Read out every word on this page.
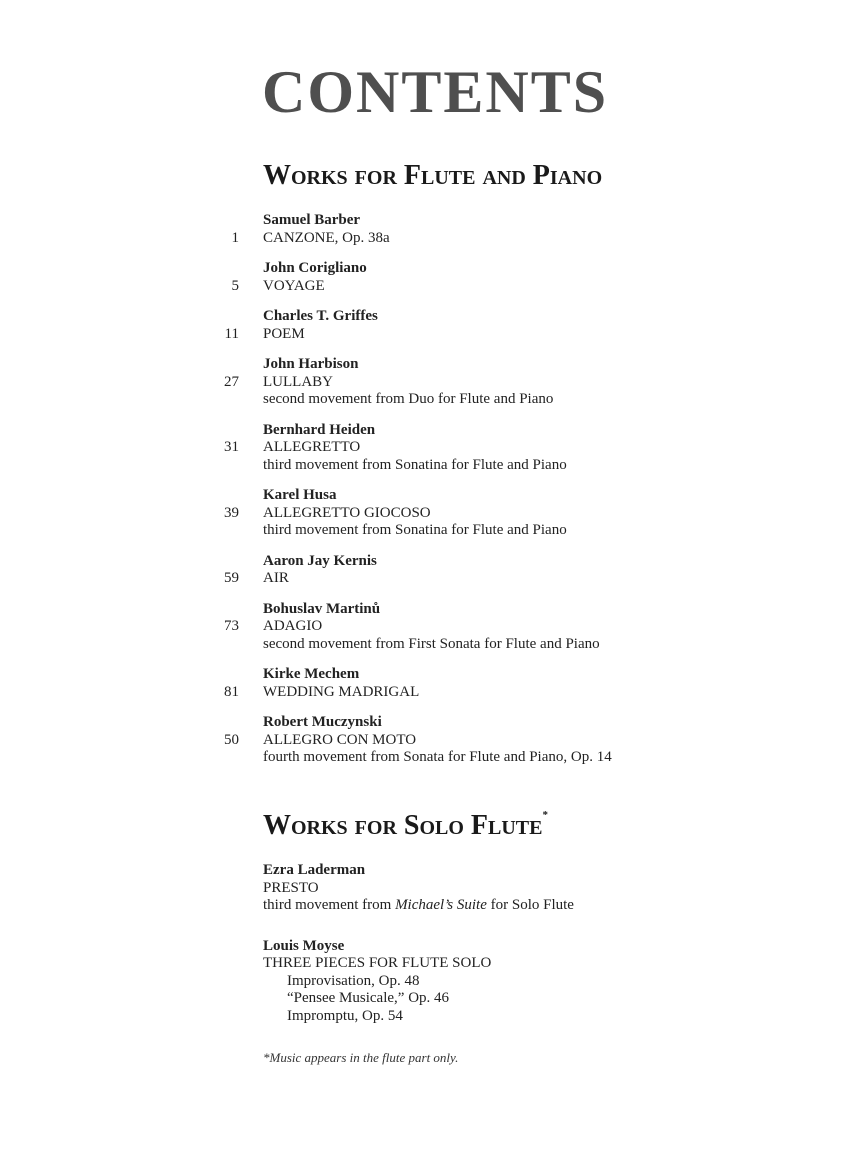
CONTENTS
Works for Flute and Piano
Samuel Barber
1 CANZONE, Op. 38a
John Corigliano
5 VOYAGE
Charles T. Griffes
11 POEM
John Harbison
27 LULLABY
second movement from Duo for Flute and Piano
Bernhard Heiden
31 ALLEGRETTO
third movement from Sonatina for Flute and Piano
Karel Husa
39 ALLEGRETTO GIOCOSO
third movement from Sonatina for Flute and Piano
Aaron Jay Kernis
59 AIR
Bohuslav Martinů
73 ADAGIO
second movement from First Sonata for Flute and Piano
Kirke Mechem
81 WEDDING MADRIGAL
Robert Muczynski
50 ALLEGRO CON MOTO
fourth movement from Sonata for Flute and Piano, Op. 14
Works for Solo Flute*
Ezra Laderman
PRESTO
third movement from Michael’s Suite for Solo Flute
Louis Moyse
THREE PIECES FOR FLUTE SOLO
Improvisation, Op. 48
“Pensee Musicale,” Op. 46
Impromptu, Op. 54
*Music appears in the flute part only.
